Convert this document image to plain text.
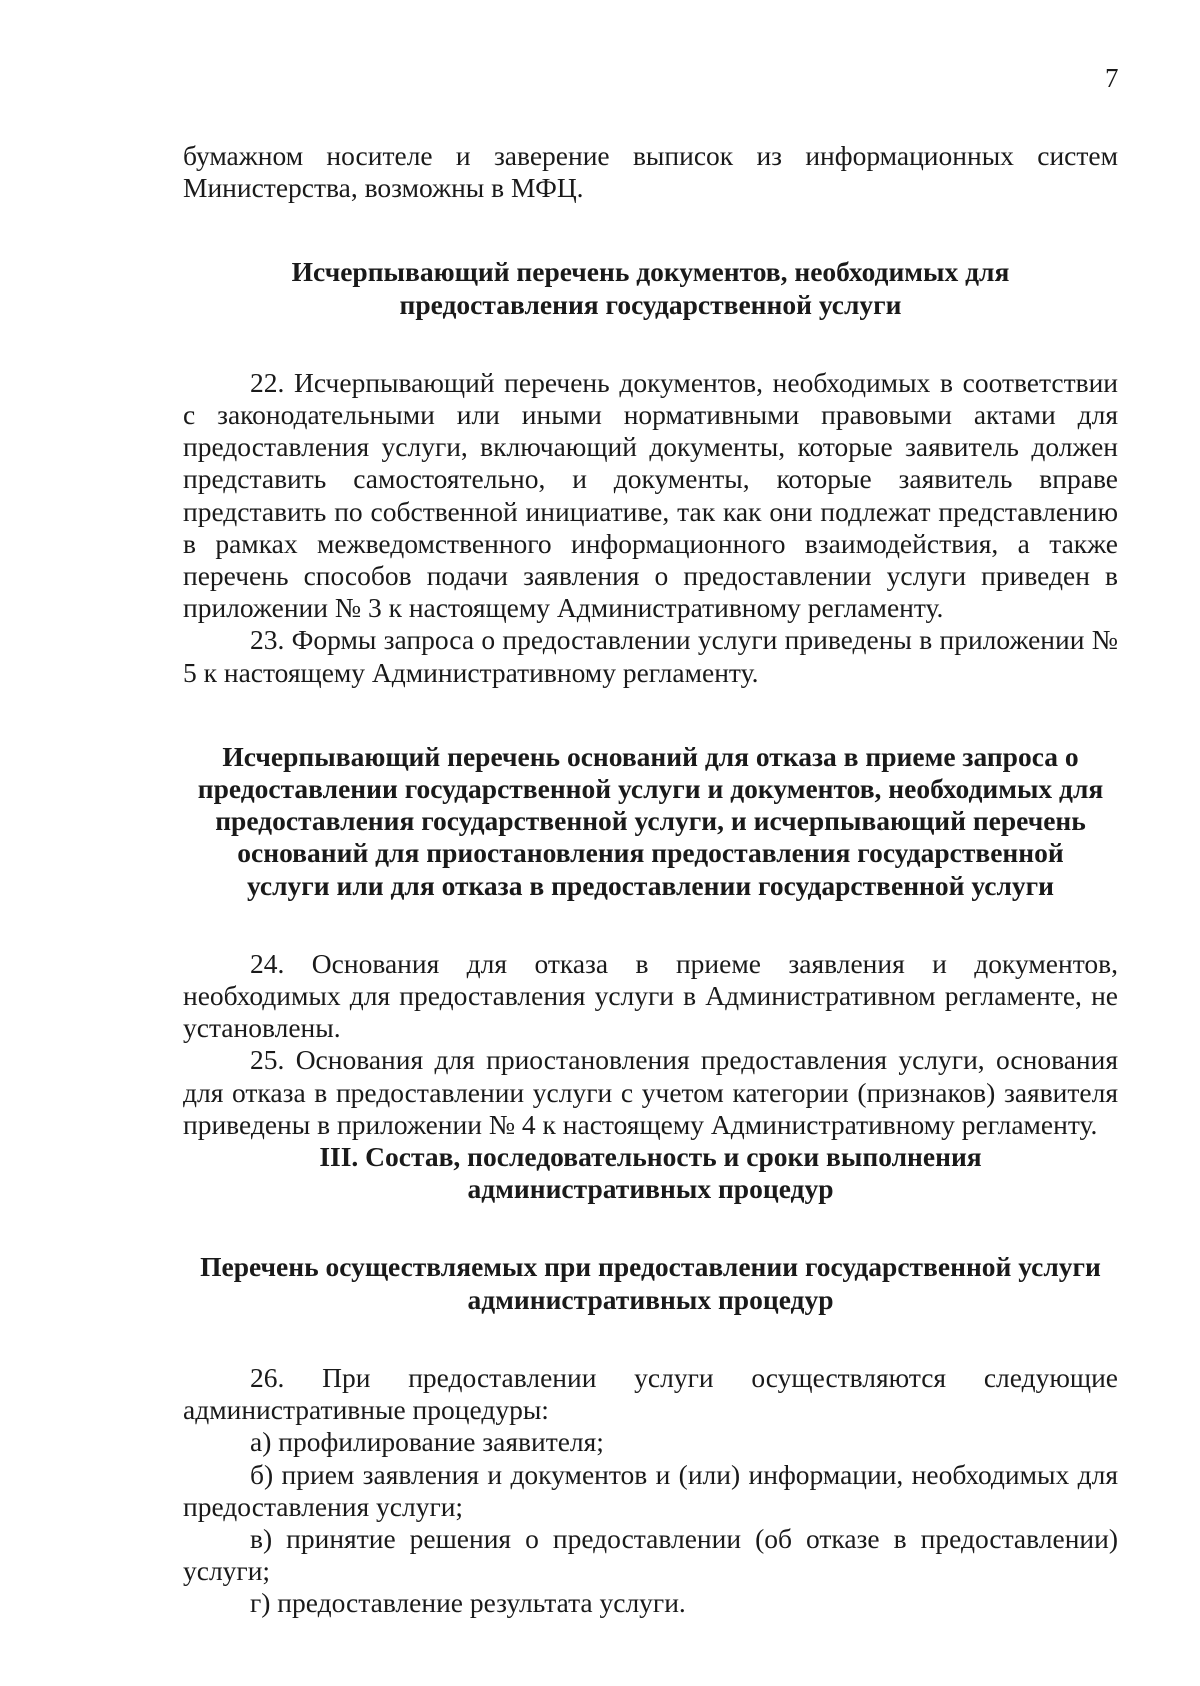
7

бумажном носителе и заверение выписок из информационных систем Министерства, возможны в МФЦ.

Исчерпывающий перечень документов, необходимых для предоставления государственной услуги

22. Исчерпывающий перечень документов, необходимых в соответствии с законодательными или иными нормативными правовыми актами для предоставления услуги, включающий документы, которые заявитель должен представить самостоятельно, и документы, которые заявитель вправе представить по собственной инициативе, так как они подлежат представлению в рамках межведомственного информационного взаимодействия, а также перечень способов подачи заявления о предоставлении услуги приведен в приложении № 3 к настоящему Административному регламенту.

23. Формы запроса о предоставлении услуги приведены в приложении № 5 к настоящему Административному регламенту.

Исчерпывающий перечень оснований для отказа в приеме запроса о предоставлении государственной услуги и документов, необходимых для предоставления государственной услуги, и исчерпывающий перечень оснований для приостановления предоставления государственной услуги или для отказа в предоставлении государственной услуги

24. Основания для отказа в приеме заявления и документов, необходимых для предоставления услуги в Административном регламенте, не установлены.

25. Основания для приостановления предоставления услуги, основания для отказа в предоставлении услуги с учетом категории (признаков) заявителя приведены в приложении № 4 к настоящему Административному регламенту.

III. Состав, последовательность и сроки выполнения административных процедур
Перечень осуществляемых при предоставлении государственной услуги административных процедур

26. При предоставлении услуги осуществляются следующие административные процедуры:

а) профилирование заявителя;

б) прием заявления и документов и (или) информации, необходимых для предоставления услуги;

в) принятие решения о предоставлении (об отказе в предоставлении) услуги;

г) предоставление результата услуги.
